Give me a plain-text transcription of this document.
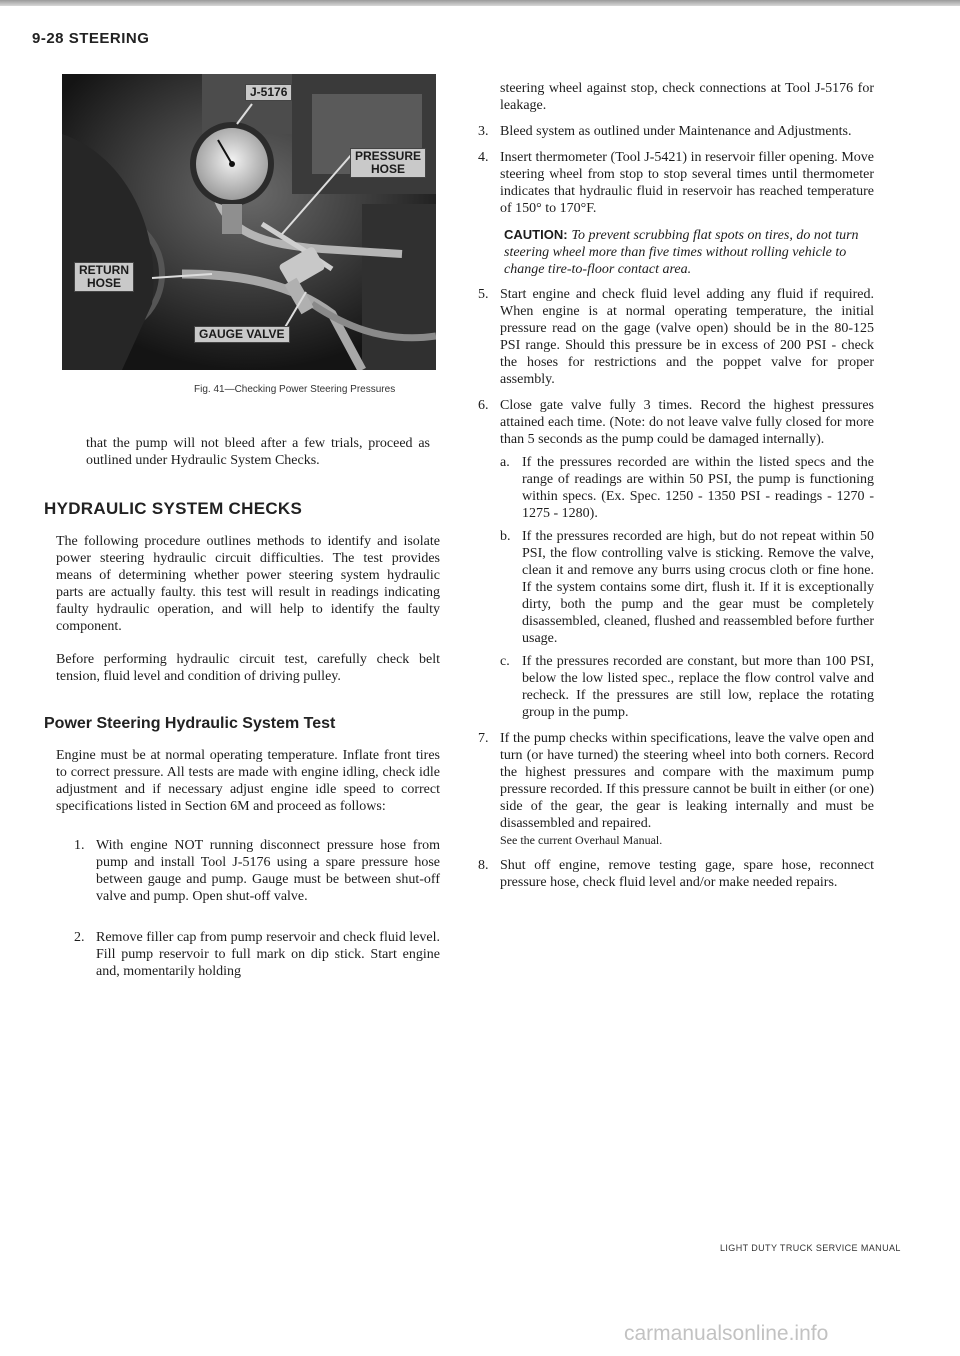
9-28 STEERING
J-5176
PRESSURE
HOSE
RETURN
HOSE
GAUGE VALVE
Fig. 41—Checking Power Steering Pressures

that the pump will not bleed after a few trials, proceed as outlined under Hydraulic System Checks.

HYDRAULIC SYSTEM CHECKS

The following procedure outlines methods to identify and isolate power steering hydraulic circuit difficulties. The test provides means of determining whether power steering system hydraulic parts are actually faulty. this test will result in readings indicating faulty hydraulic operation, and will help to identify the faulty component.

Before performing hydraulic circuit test, carefully check belt tension, fluid level and condition of driving pulley.

Power Steering Hydraulic System Test

Engine must be at normal operating temperature. Inflate front tires to correct pressure. All tests are made with engine idling, check idle adjustment and if necessary adjust engine idle speed to correct specifications listed in Section 6M and proceed as follows:

1. With engine NOT running disconnect pressure hose from pump and install Tool J-5176 using a spare pressure hose between gauge and pump. Gauge must be between shut-off valve and pump. Open shut-off valve.

2. Remove filler cap from pump reservoir and check fluid level. Fill pump reservoir to full mark on dip stick. Start engine and, momentarily holding

steering wheel against stop, check connections at Tool J-5176 for leakage.

3. Bleed system as outlined under Maintenance and Adjustments.

4. Insert thermometer (Tool J-5421) in reservoir filler opening. Move steering wheel from stop to stop several times until thermometer indicates that hydraulic fluid in reservoir has reached temperature of 150° to 170°F.

CAUTION: To prevent scrubbing flat spots on tires, do not turn steering wheel more than five times without rolling vehicle to change tire-to-floor contact area.
5. Start engine and check fluid level adding any fluid if required. When engine is at normal operating temperature, the initial pressure read on the gage (valve open) should be in the 80-125 PSI range. Should this pressure be in excess of 200 PSI - check the hoses for restrictions and the poppet valve for proper assembly.

6. Close gate valve fully 3 times. Record the highest pressures attained each time. (Note: do not leave valve fully closed for more than 5 seconds as the pump could be damaged internally).

a. If the pressures recorded are within the listed specs and the range of readings are within 50 PSI, the pump is functioning within specs. (Ex. Spec. 1250 - 1350 PSI - readings - 1270 - 1275 - 1280).

b. If the pressures recorded are high, but do not repeat within 50 PSI, the flow controlling valve is sticking. Remove the valve, clean it and remove any burrs using crocus cloth or fine hone. If the system contains some dirt, flush it. If it is exceptionally dirty, both the pump and the gear must be completely disassembled, cleaned, flushed and reassembled before further usage.

c. If the pressures recorded are constant, but more than 100 PSI, below the low listed spec., replace the flow control valve and recheck. If the pressures are still low, replace the rotating group in the pump.

7. If the pump checks within specifications, leave the valve open and turn (or have turned) the steering wheel into both corners. Record the highest pressures and compare with the maximum pump pressure recorded. If this pressure cannot be built in either (or one) side of the gear, the gear is leaking internally and must be disassembled and repaired.

See the current Overhaul Manual.
8. Shut off engine, remove testing gage, spare hose, reconnect pressure hose, check fluid level and/or make needed repairs.

LIGHT DUTY TRUCK SERVICE MANUAL
carmanualsonline.info
